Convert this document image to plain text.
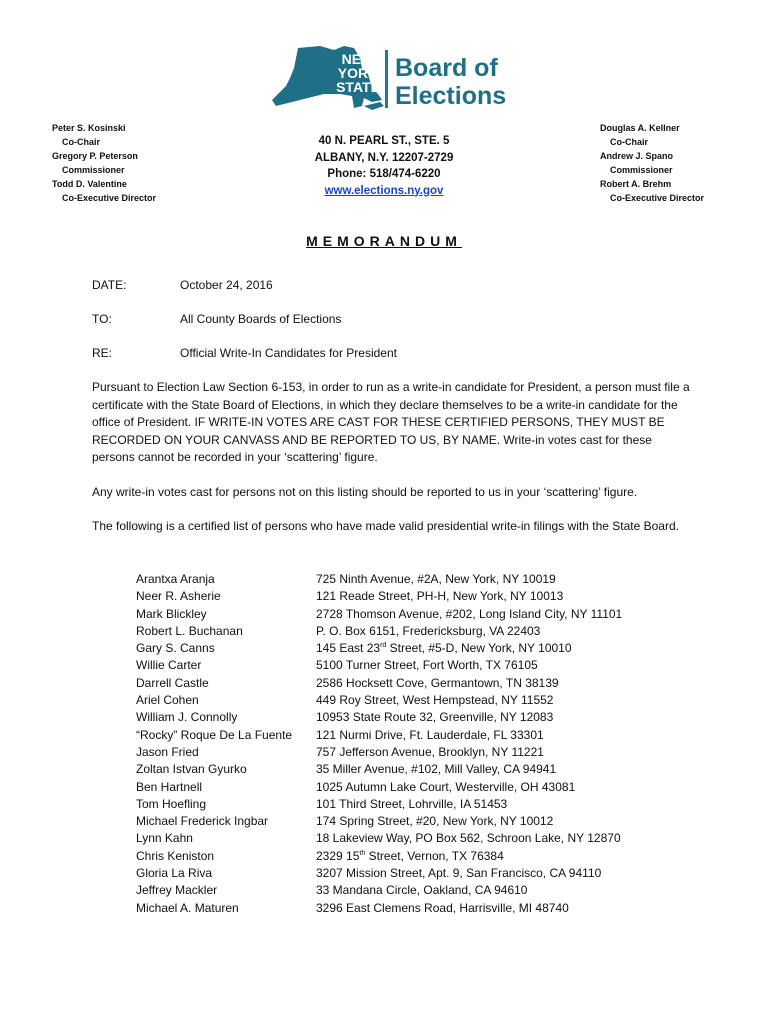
NEW
YORK
STATE
Board of
Elections
Peter S. Kosinski
Co-Chair
Gregory P. Peterson
Commissioner
Todd D. Valentine
Co-Executive Director
Douglas A. Kellner
Co-Chair
Andrew J. Spano
Commissioner
Robert A. Brehm
Co-Executive Director
40 N. PEARL ST., STE. 5
ALBANY, N.Y. 12207-2729
Phone: 518/474-6220
www.elections.ny.gov
MEMORANDUM
DATE:	October 24, 2016
TO:	All County Boards of Elections
RE:	Official Write-In Candidates for President
Pursuant to Election Law Section 6-153, in order to run as a write-in candidate for President, a person must file a certificate with the State Board of Elections, in which they declare themselves to be a write-in candidate for the office of President. IF WRITE-IN VOTES ARE CAST FOR THESE CERTIFIED PERSONS, THEY MUST BE RECORDED ON YOUR CANVASS AND BE REPORTED TO US, BY NAME. Write-in votes cast for these persons cannot be recorded in your ‘scattering’ figure.
Any write-in votes cast for persons not on this listing should be reported to us in your ‘scattering’ figure.
The following is a certified list of persons who have made valid presidential write-in filings with the State Board.
Arantxa Aranja	725 Ninth Avenue, #2A, New York, NY 10019
Neer R. Asherie	121 Reade Street, PH-H, New York, NY 10013
Mark Blickley	2728 Thomson Avenue, #202, Long Island City, NY 11101
Robert L. Buchanan	P. O. Box 6151, Fredericksburg, VA 22403
Gary S. Canns	145 East 23rd Street, #5-D, New York, NY 10010
Willie Carter	5100 Turner Street, Fort Worth, TX 76105
Darrell Castle	2586 Hocksett Cove, Germantown, TN 38139
Ariel Cohen	449 Roy Street, West Hempstead, NY 11552
William J. Connolly	10953 State Route 32, Greenville, NY 12083
“Rocky” Roque De La Fuente	121 Nurmi Drive, Ft. Lauderdale, FL 33301
Jason Fried	757 Jefferson Avenue, Brooklyn, NY 11221
Zoltan Istvan Gyurko	35 Miller Avenue, #102, Mill Valley, CA 94941
Ben Hartnell	1025 Autumn Lake Court, Westerville, OH 43081
Tom Hoefling	101 Third Street, Lohrville, IA 51453
Michael Frederick Ingbar	174 Spring Street, #20, New York, NY 10012
Lynn Kahn	18 Lakeview Way, PO Box 562, Schroon Lake, NY 12870
Chris Keniston	2329 15th Street, Vernon, TX 76384
Gloria La Riva	3207 Mission Street, Apt. 9, San Francisco, CA 94110
Jeffrey Mackler	33 Mandana Circle, Oakland, CA 94610
Michael A. Maturen	3296 East Clemens Road, Harrisville, MI 48740
